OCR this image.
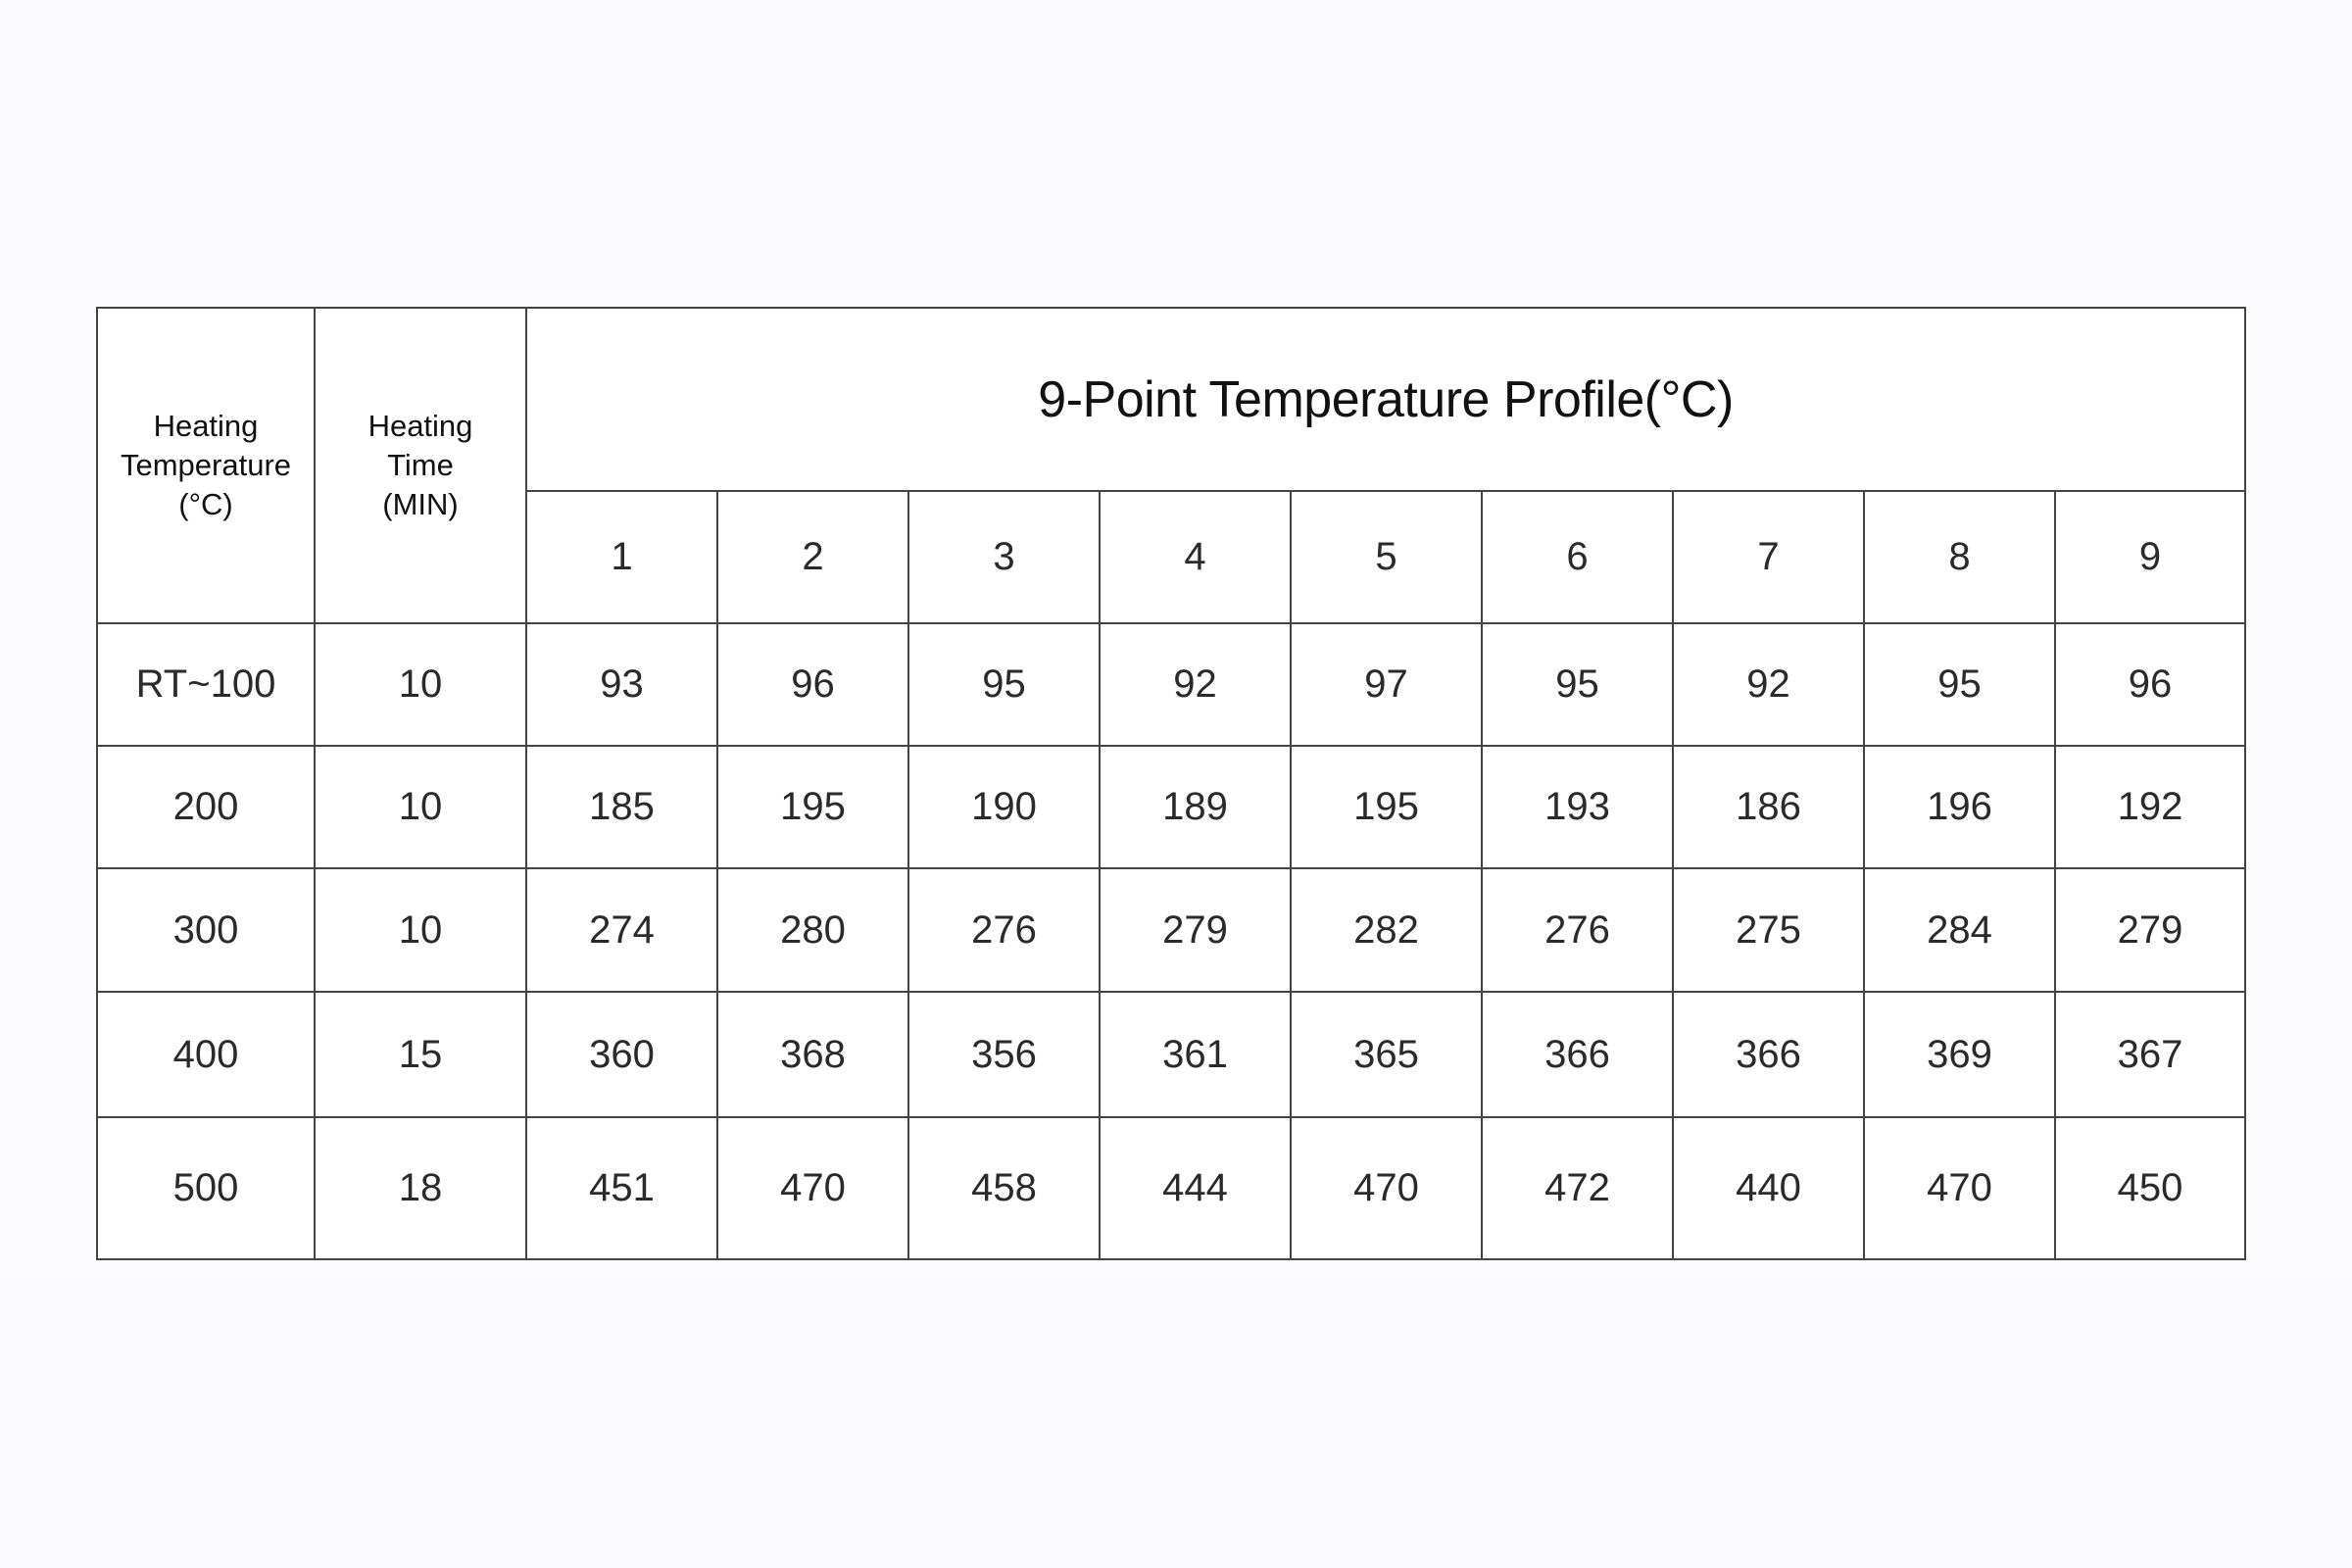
Heating
Temperature
(°C)	Heating
Time
(MIN)	9-Point Temperature Profile(°C)								
		1	2	3	4	5	6	7	8	9
RT~100	10	93	96	95	92	97	95	92	95	96
200	10	185	195	190	189	195	193	186	196	192
300	10	274	280	276	279	282	276	275	284	279
400	15	360	368	356	361	365	366	366	369	367
500	18	451	470	458	444	470	472	440	470	450
